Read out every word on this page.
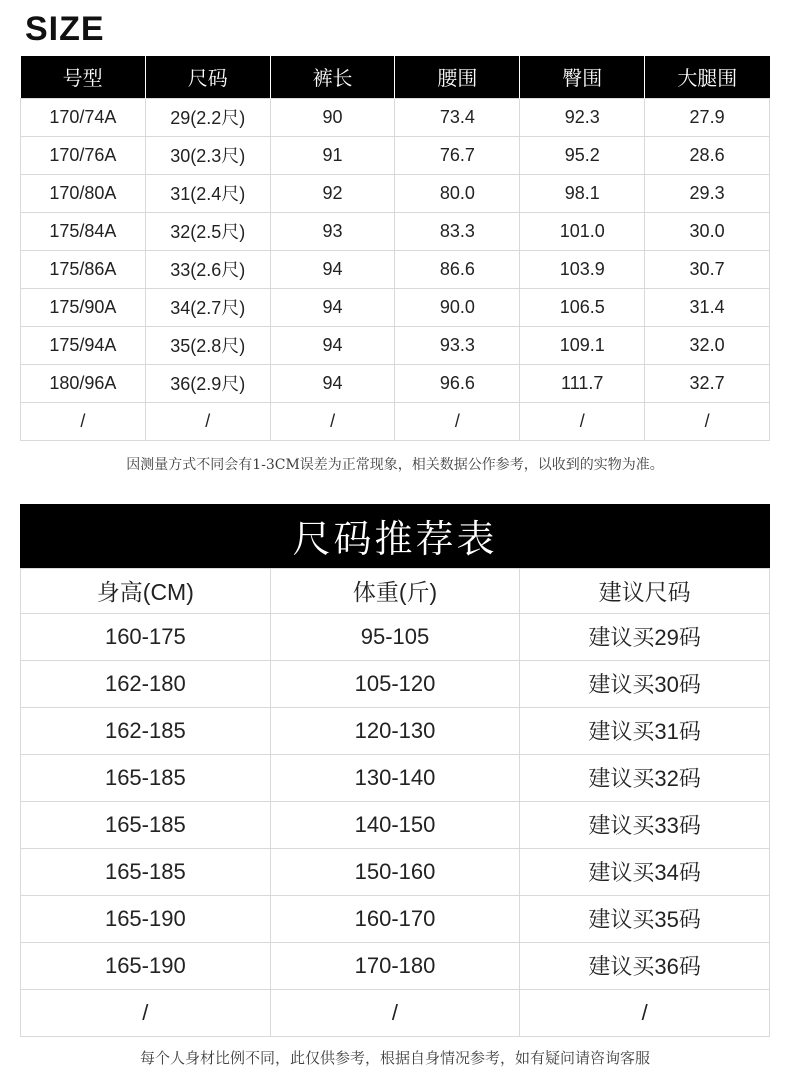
SIZE
号型	尺码	裤长	腰围	臀围	大腿围
170/74A	29(2.2尺)	90	73.4	92.3	27.9
170/76A	30(2.3尺)	91	76.7	95.2	28.6
170/80A	31(2.4尺)	92	80.0	98.1	29.3
175/84A	32(2.5尺)	93	83.3	101.0	30.0
175/86A	33(2.6尺)	94	86.6	103.9	30.7
175/90A	34(2.7尺)	94	90.0	106.5	31.4
175/94A	35(2.8尺)	94	93.3	109.1	32.0
180/96A	36(2.9尺)	94	96.6	111.7	32.7
/	/	/	/	/	/

因测量方式不同会有1-3CM误差为正常现象，相关数据公作参考，以收到的实物为准。

尺码推荐表
身高(CM)	体重(斤)	建议尺码
160-175	95-105	建议买29码
162-180	105-120	建议买30码
162-185	120-130	建议买31码
165-185	130-140	建议买32码
165-185	140-150	建议买33码
165-185	150-160	建议买34码
165-190	160-170	建议买35码
165-190	170-180	建议买36码
/	/	/

每个人身材比例不同，此仅供参考，根据自身情况参考，如有疑问请咨询客服
